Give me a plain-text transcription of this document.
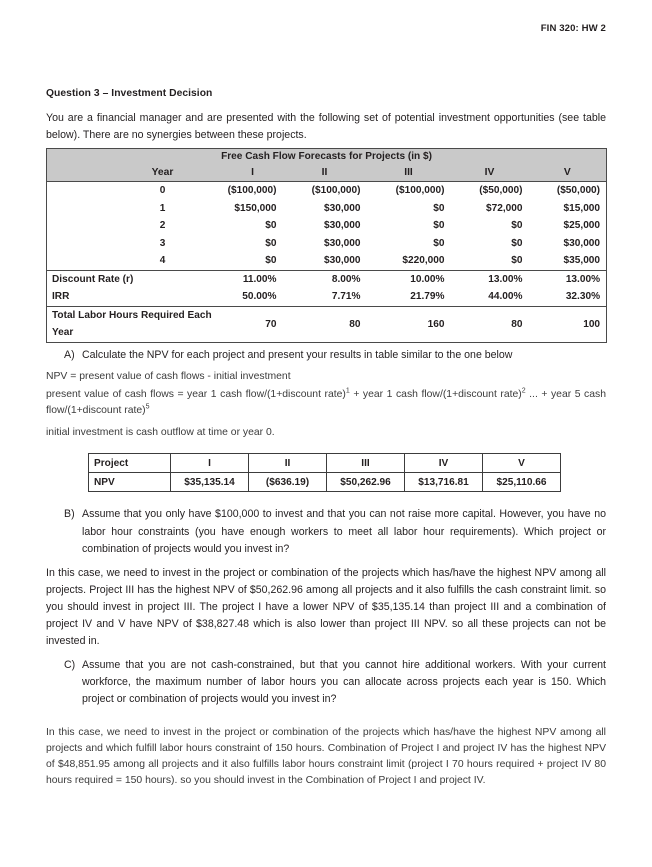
FIN 320: HW 2
Question 3 – Investment Decision
You are a financial manager and are presented with the following set of potential investment opportunities (see table below). There are no synergies between these projects.
Free Cash Flow Forecasts for Projects (in $)						
	Year	I	II	III	IV	V
	0	($100,000)	($100,000)	($100,000)	($50,000)	($50,000)
	1	$150,000	$30,000	$0	$72,000	$15,000
	2	$0	$30,000	$0	$0	$25,000
	3	$0	$30,000	$0	$0	$30,000
	4	$0	$30,000	$220,000	$0	$35,000
Discount Rate (r)		11.00%	8.00%	10.00%	13.00%	13.00%
IRR		50.00%	7.71%	21.79%	44.00%	32.30%
Total Labor Hours Required Each Year		70	80	160	80	100
A) Calculate the NPV for each project and present your results in table similar to the one below
NPV = present value of cash flows - initial investment
present value of cash flows = year 1 cash flow/(1+discount rate)$^1$ + year 1 cash flow/(1+discount rate)$^2$ ... + year 5 cash flow/(1+discount rate)$^5$
initial investment is cash outflow at time or year 0.
Project	I	II	III	IV	V
NPV	$35,135.14	($636.19)	$50,262.96	$13,716.81	$25,110.66
B) Assume that you only have $100,000 to invest and that you can not raise more capital. However, you have no labor hour constraints (you have enough workers to meet all labor hour requirements). Which project or combination of projects would you invest in?
In this case, we need to invest in the project or combination of the projects which has/have the highest NPV among all projects. Project III has the highest NPV of $50,262.96 among all projects and it also fulfills the cash constraint limit. so you should invest in project III. The project I have a lower NPV of $35,135.14 than project III and a combination of project IV and V have NPV of $38,827.48 which is also lower than project III NPV. so all these projects can not be invested in.
C) Assume that you are not cash-constrained, but that you cannot hire additional workers. With your current workforce, the maximum number of labor hours you can allocate across projects each year is 150. Which project or combination of projects would you invest in?
In this case, we need to invest in the project or combination of the projects which has/have the highest NPV among all projects and which fulfill labor hours constraint of 150 hours. Combination of Project I and project IV has the highest NPV of $48,851.95 among all projects and it also fulfills labor hours constraint limit (project I 70 hours required + project IV 80 hours required = 150 hours). so you should invest in the Combination of Project I and project IV.
